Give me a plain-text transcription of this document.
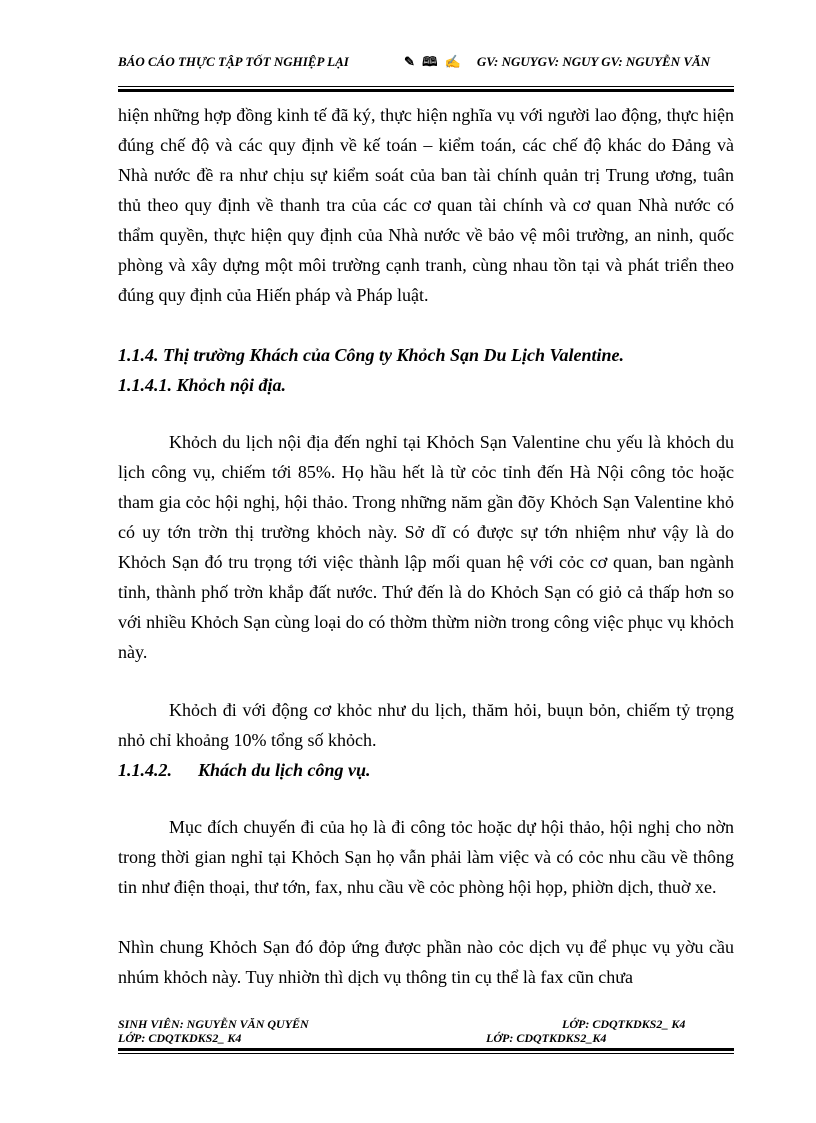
BÁO CÁO THỰC TẬP TỐT NGHIỆP LẠI	✎ 🕮 ✍ GV: NGUYGV: NGUY GV: NGUYỄN VĂN

hiện những hợp đồng kinh tế đã ký, thực hiện nghĩa vụ với người lao động, thực hiện đúng chế độ và các quy định về kế toán – kiểm toán, các chế độ khác do Đảng và Nhà nước đề ra như chịu sự kiểm soát của ban tài chính quản trị Trung ương, tuân thủ theo quy định về thanh tra của các cơ quan tài chính và cơ quan Nhà nước có thẩm quyền, thực hiện quy định của Nhà nước về bảo vệ môi trường, an ninh, quốc phòng và xây dựng một môi trường cạnh tranh, cùng nhau tồn tại và phát triển theo đúng quy định của Hiến pháp và Pháp luật.

1.1.4. Thị trường Khách của Công ty Khỏch Sạn Du Lịch Valentine.
1.1.4.1. Khỏch nội địa.

Khỏch du lịch nội địa đến nghỉ tại Khỏch Sạn Valentine chu yếu là khỏch du lịch công vụ, chiếm tới 85%. Họ hầu hết là từ cỏc tỉnh đến Hà Nội công tỏc hoặc tham gia cỏc hội nghị, hội thảo. Trong những năm gần đõy Khỏch Sạn Valentine khỏ có uy tớn trờn thị trường khỏch này. Sở dĩ có được sự tớn nhiệm như vậy là do Khỏch Sạn đó tru trọng tới việc thành lập mối quan hệ với cỏc cơ quan, ban ngành tỉnh, thành phố trờn khắp đất nước. Thứ đến là do Khỏch Sạn có giỏ cả thấp hơn so với nhiều Khỏch Sạn cùng loại do có thờm thừm niờn trong công việc phục vụ khỏch này.

Khỏch đi với động cơ khỏc như du lịch, thăm hỏi, buụn bỏn, chiếm tỷ trọng nhỏ chỉ khoảng 10% tổng số khỏch.

1.1.4.2. Khách du lịch công vụ.

Mục đích chuyến đi của họ là đi công tỏc hoặc dự hội thảo, hội nghị cho nờn trong thời gian nghỉ tại Khỏch Sạn họ vẫn phải làm việc và có cỏc nhu cầu về thông tin như điện thoại, thư tớn, fax, nhu cầu về cỏc phòng hội họp, phiờn dịch, thuờ xe.

Nhìn chung Khỏch Sạn đó đỏp ứng được phần nào cỏc dịch vụ để phục vụ yờu cầu nhúm khỏch này. Tuy nhiờn thì dịch vụ thông tin cụ thể là fax cũn chưa

SINH VIÊN: NGUYỄN VĂN QUYẾN	LỚP: CDQTKDKS2_ K4
LỚP: CDQTKDKS2_ K4	LỚP: CDQTKDKS2_K4
